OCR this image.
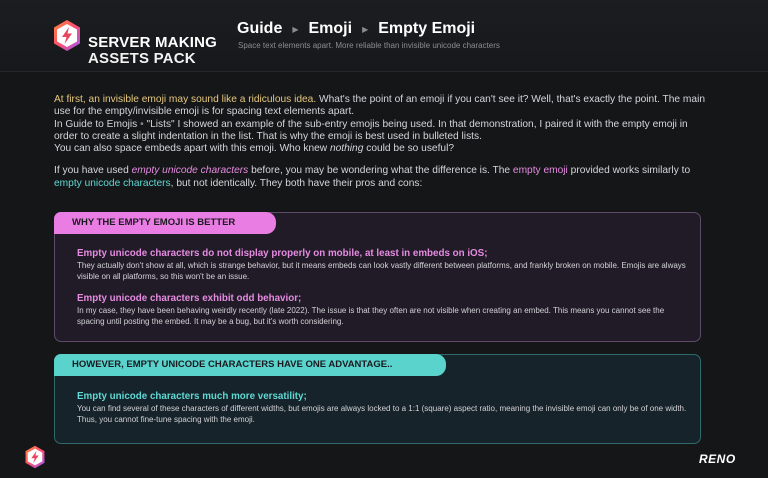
SERVER MAKING

ASSETS PACK

Guide ▶ Emoji ▶ Empty Emoji
Space text elements apart. More reliable than invisible unicode characters

At first, an invisible emoji may sound like a ridiculous idea. What's the point of an emoji if you can't see it? Well, that's exactly the point. The main use for the empty/invisible emoji is for spacing text elements apart.
In Guide to Emojis • "Lists" I showed an example of the sub-entry emojis being used. In that demonstration, I paired it with the empty emoji in order to create a slight indentation in the list. That is why the emoji is best used in bulleted lists.
You can also space embeds apart with this emoji. Who knew nothing could be so useful?

If you have used empty unicode characters before, you may be wondering what the difference is. The empty emoji provided works similarly to empty unicode characters, but not identically. They both have their pros and cons:

WHY THE EMPTY EMOJI IS BETTER
Empty unicode characters do not display properly on mobile, at least in embeds on iOS;

They actually don't show at all, which is strange behavior, but it means embeds can look vastly different between platforms, and frankly broken on mobile. Emojis are always visible on all platforms, so this won't be an issue.

Empty unicode characters exhibit odd behavior;

In my case, they have been behaving weirdly recently (late 2022). The issue is that they often are not visible when creating an embed. This means you cannot see the spacing until posting the embed. It may be a bug, but it's worth considering.

HOWEVER, EMPTY UNICODE CHARACTERS HAVE ONE ADVANTAGE..
Empty unicode characters much more versatility;

You can find several of these characters of different widths, but emojis are always locked to a 1:1 (square) aspect ratio, meaning the invisible emoji can only be of one width. Thus, you cannot fine-tune spacing with the emoji.

RENO
